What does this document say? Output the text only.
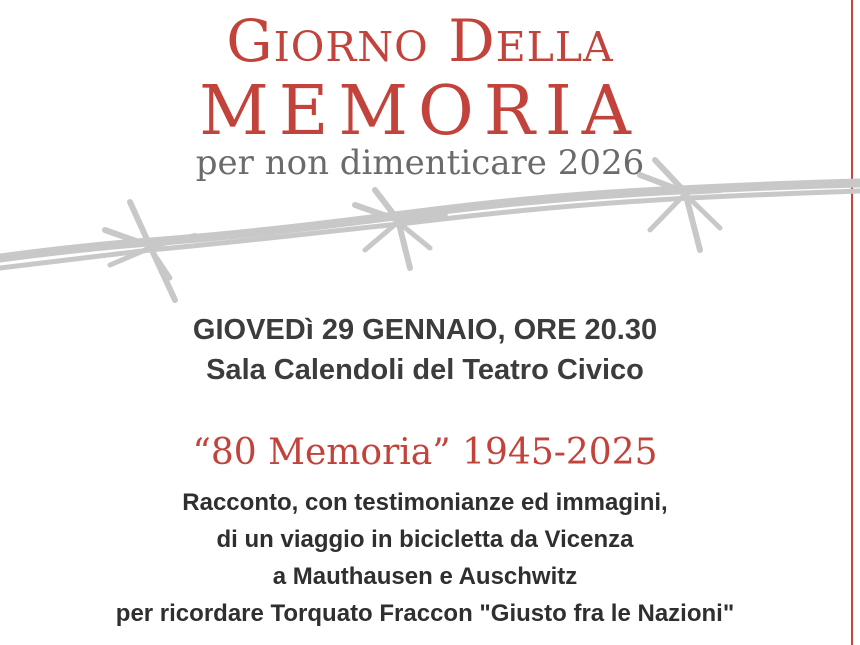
Giorno Della
MEMORIA
per non dimenticare 2026
GIOVEDì 29 GENNAIO, ORE 20.30
Sala Calendoli del Teatro Civico
“80 Memoria” 1945-2025
Racconto, con testimonianze ed immagini,
di un viaggio in bicicletta da Vicenza
a Mauthausen e Auschwitz
per ricordare Torquato Fraccon "Giusto fra le Nazioni"
